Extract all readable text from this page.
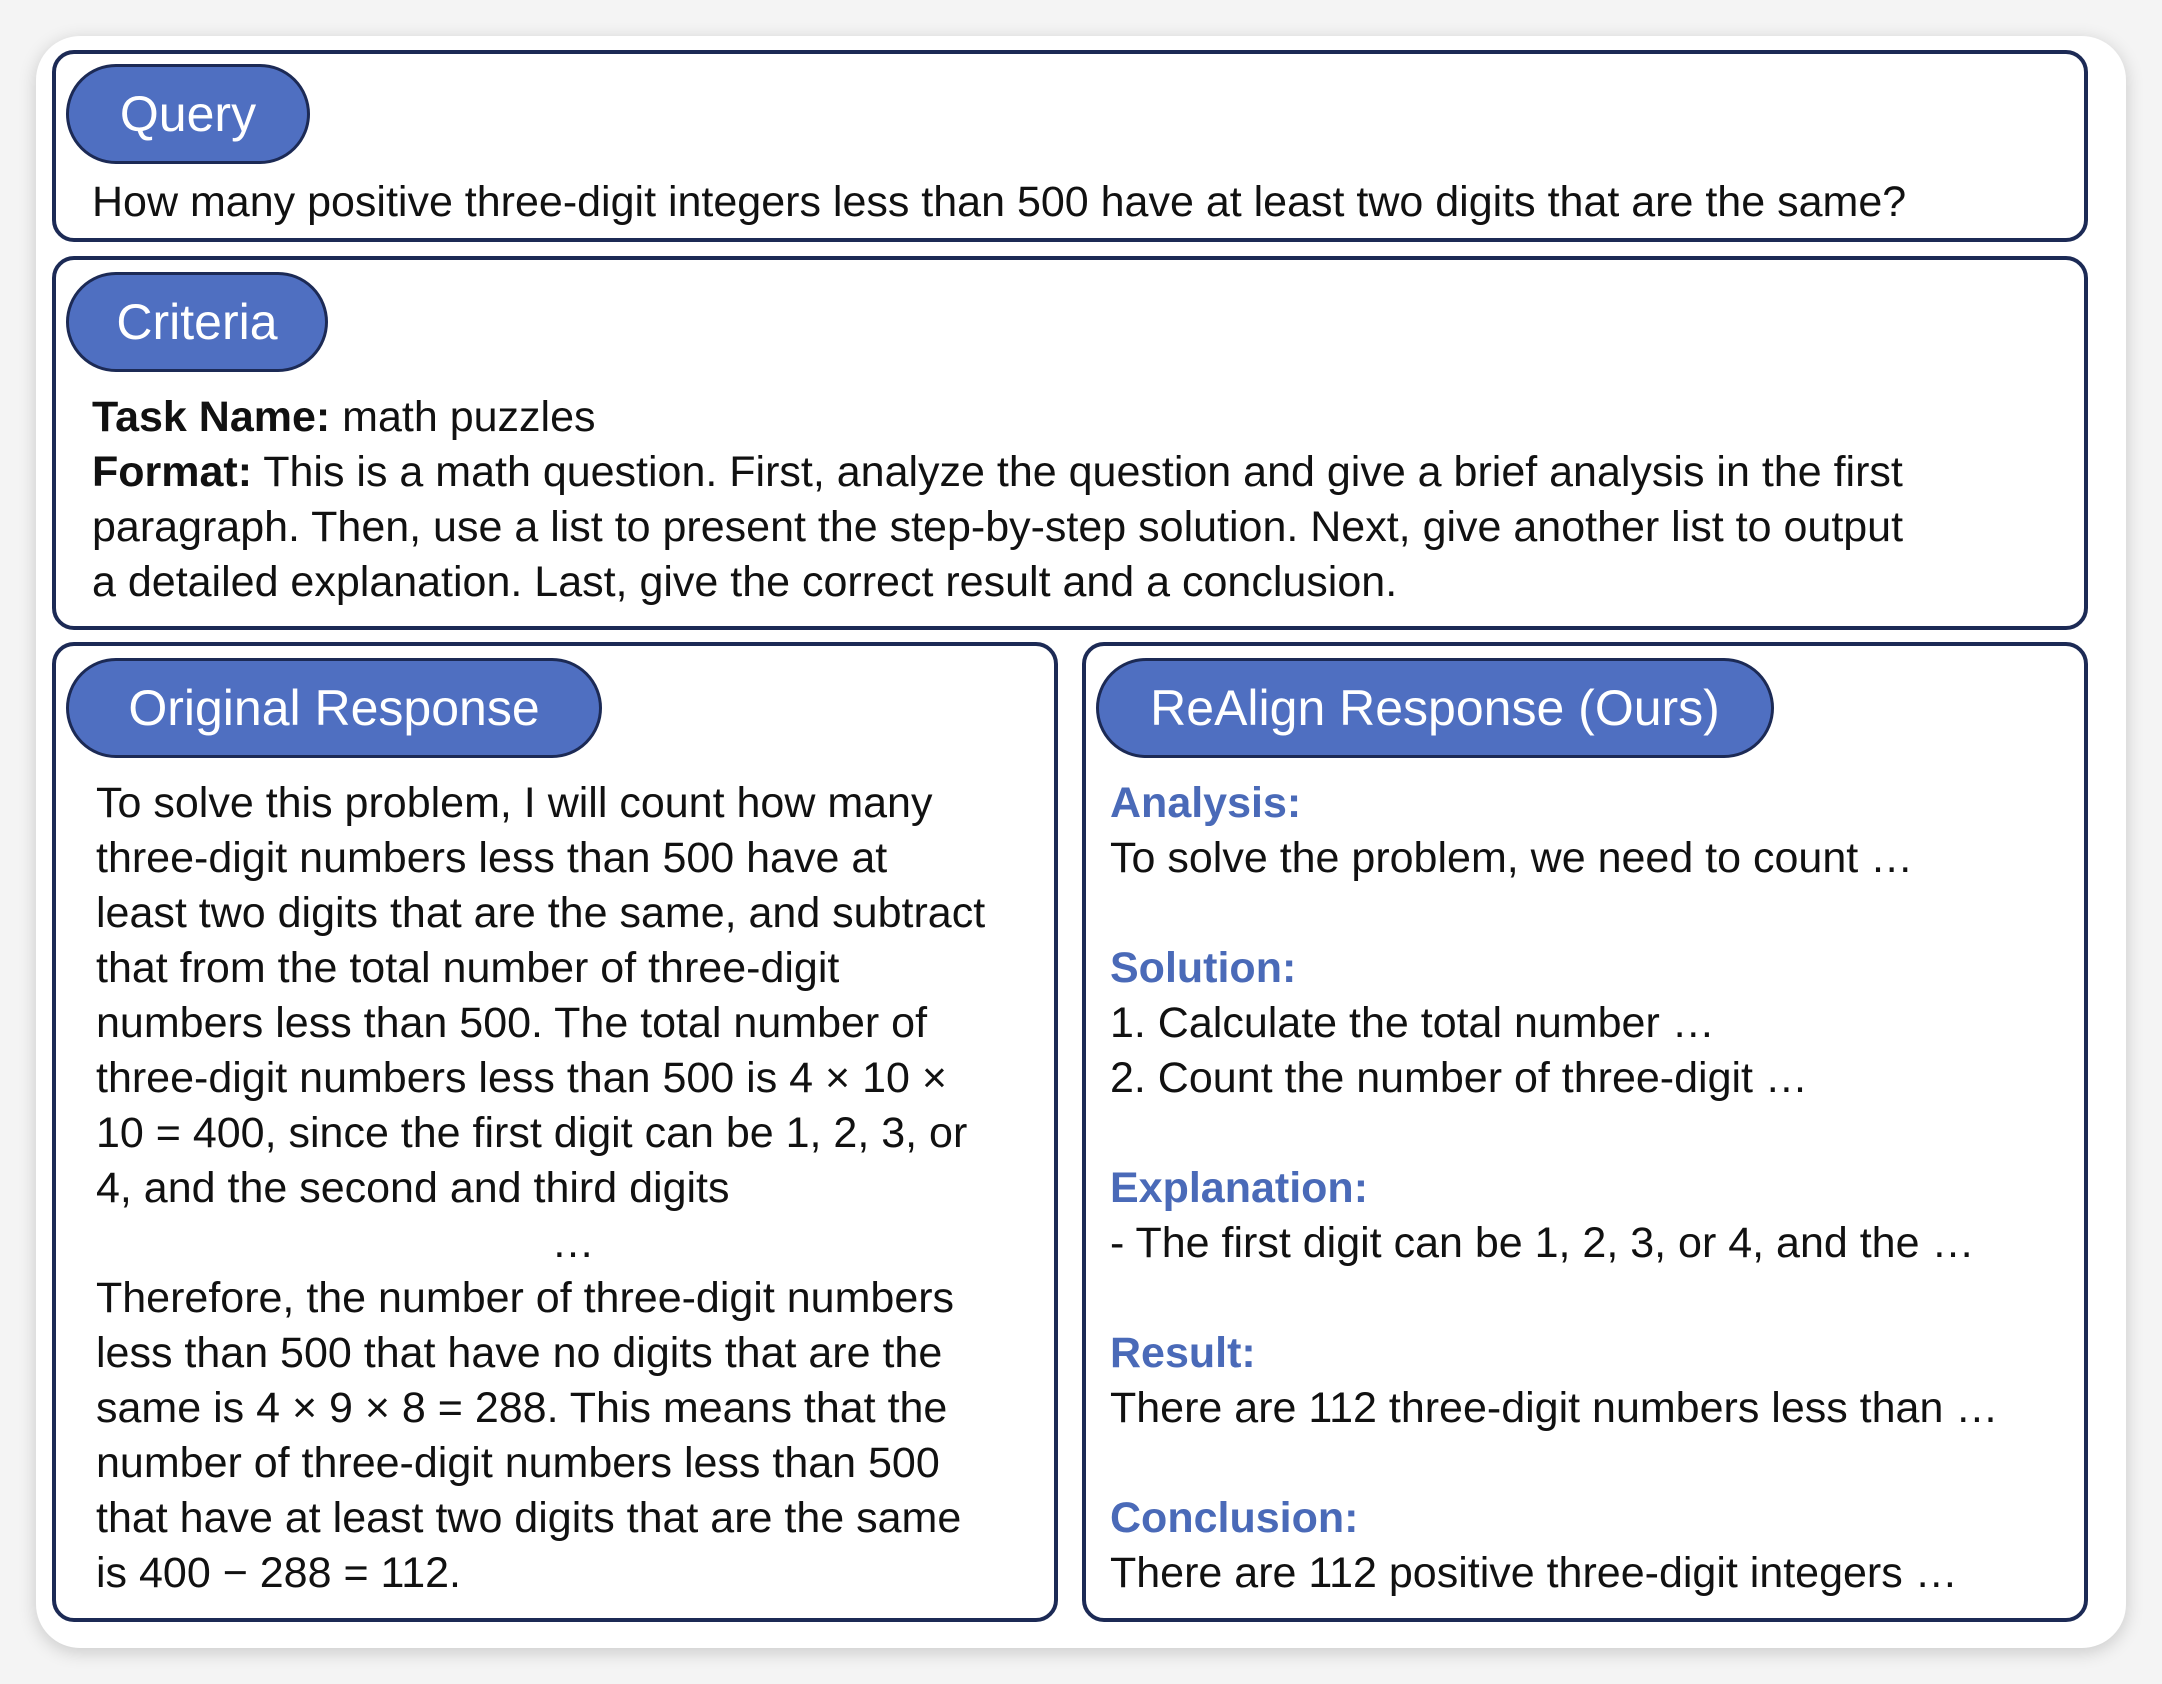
Query
How many positive three-digit integers less than 500 have at least two digits that are the same?
Criteria
Task Name: math puzzles
Format: This is a math question. First, analyze the question and give a brief analysis in the first
paragraph. Then, use a list to present the step-by-step solution. Next, give another list to output
a detailed explanation. Last, give the correct result and a conclusion.
Original Response
To solve this problem, I will count how many
three-digit numbers less than 500 have at
least two digits that are the same, and subtract
that from the total number of three-digit
numbers less than 500. The total number of
three-digit numbers less than 500 is 4 × 10 ×
10 = 400, since the first digit can be 1, 2, 3, or
4, and the second and third digits
…
Therefore, the number of three-digit numbers
less than 500 that have no digits that are the
same is 4 × 9 × 8 = 288. This means that the
number of three-digit numbers less than 500
that have at least two digits that are the same
is 400 − 288 = 112.
ReAlign Response (Ours)
Analysis:
To solve the problem, we need to count …
Solution:
1. Calculate the total number …
2. Count the number of three-digit …
Explanation:
- The first digit can be 1, 2, 3, or 4, and the …
Result:
There are 112 three-digit numbers less than …
Conclusion:
There are 112 positive three-digit integers …
